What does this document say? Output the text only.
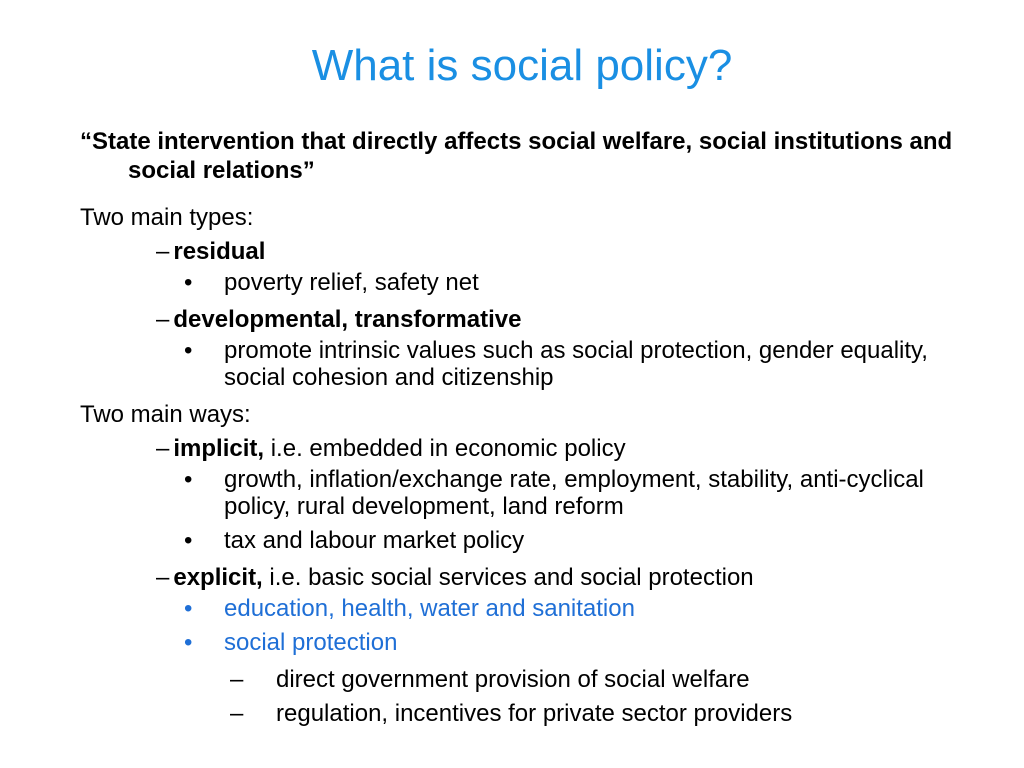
What is social policy?
“State intervention that directly affects social welfare, social institutions and social relations”
Two main types:
– residual
• poverty relief, safety net
– developmental, transformative
• promote intrinsic values such as social protection, gender equality, social cohesion and citizenship
Two main ways:
– implicit, i.e. embedded in economic policy
• growth, inflation/exchange rate, employment, stability, anti-cyclical policy, rural development, land reform
• tax and labour market policy
– explicit, i.e. basic social services and social protection
• education, health, water and sanitation
• social protection
– direct government provision of social welfare
– regulation, incentives for private sector providers
